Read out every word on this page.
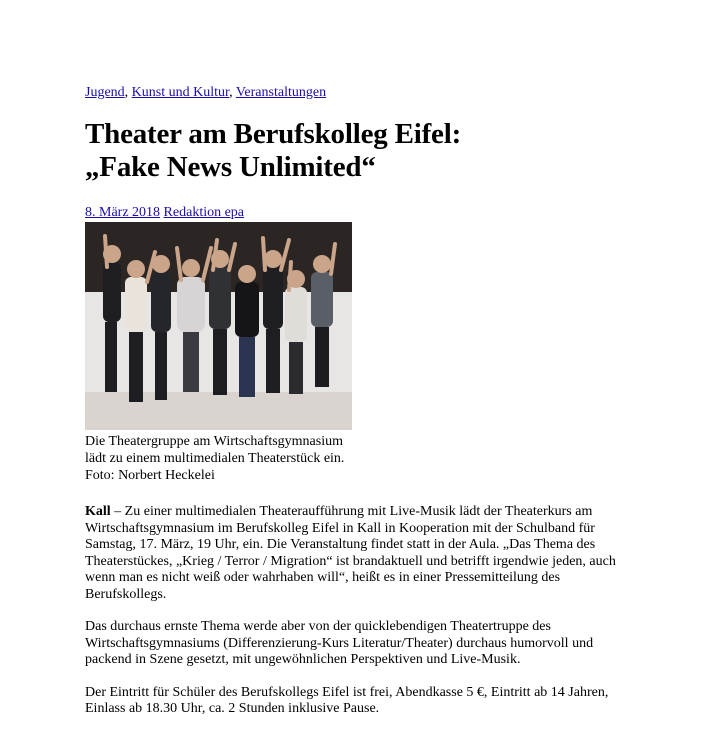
Jugend, Kunst und Kultur, Veranstaltungen
Theater am Berufskolleg Eifel:
„Fake News Unlimited“
8. März 2018 Redaktion epa
Die Theatergruppe am Wirtschaftsgymnasium
lädt zu einem multimedialen Theaterstück ein.
Foto: Norbert Heckelei

Kall – Zu einer multimedialen Theateraufführung mit Live-Musik lädt der Theaterkurs am Wirtschaftsgymnasium im Berufskolleg Eifel in Kall in Kooperation mit der Schulband für Samstag, 17. März, 19 Uhr, ein. Die Veranstaltung findet statt in der Aula. „Das Thema des Theaterstückes, „Krieg / Terror / Migration“ ist brandaktuell und betrifft irgendwie jeden, auch wenn man es nicht weiß oder wahrhaben will“, heißt es in einer Pressemitteilung des Berufskollegs.

Das durchaus ernste Thema werde aber von der quicklebendigen Theatertruppe des Wirtschaftsgymnasiums (Differenzierung-Kurs Literatur/Theater) durchaus humorvoll und packend in Szene gesetzt, mit ungewöhnlichen Perspektiven und Live-Musik.

Der Eintritt für Schüler des Berufskollegs Eifel ist frei, Abendkasse 5 €, Eintritt ab 14 Jahren, Einlass ab 18.30 Uhr, ca. 2 Stunden inklusive Pause.
